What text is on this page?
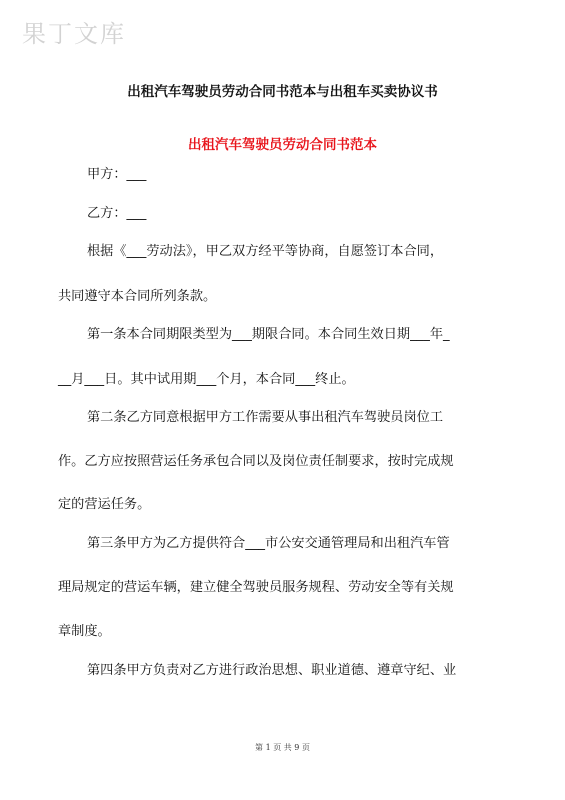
果丁文库
出租汽车驾驶员劳动合同书范本与出租车买卖协议书
出租汽车驾驶员劳动合同书范本
甲方：___
乙方：___
根据《___劳动法》，甲乙双方经平等协商，自愿签订本合同，
共同遵守本合同所列条款。
第一条本合同期限类型为___期限合同。本合同生效日期___年_
__月___日。其中试用期___个月，本合同___终止。
第二条乙方同意根据甲方工作需要从事出租汽车驾驶员岗位工
作。乙方应按照营运任务承包合同以及岗位责任制要求，按时完成规
定的营运任务。
第三条甲方为乙方提供符合___市公安交通管理局和出租汽车管
理局规定的营运车辆，建立健全驾驶员服务规程、劳动安全等有关规
章制度。
第四条甲方负责对乙方进行政治思想、职业道德、遵章守纪、业
第 1 页 共 9 页
